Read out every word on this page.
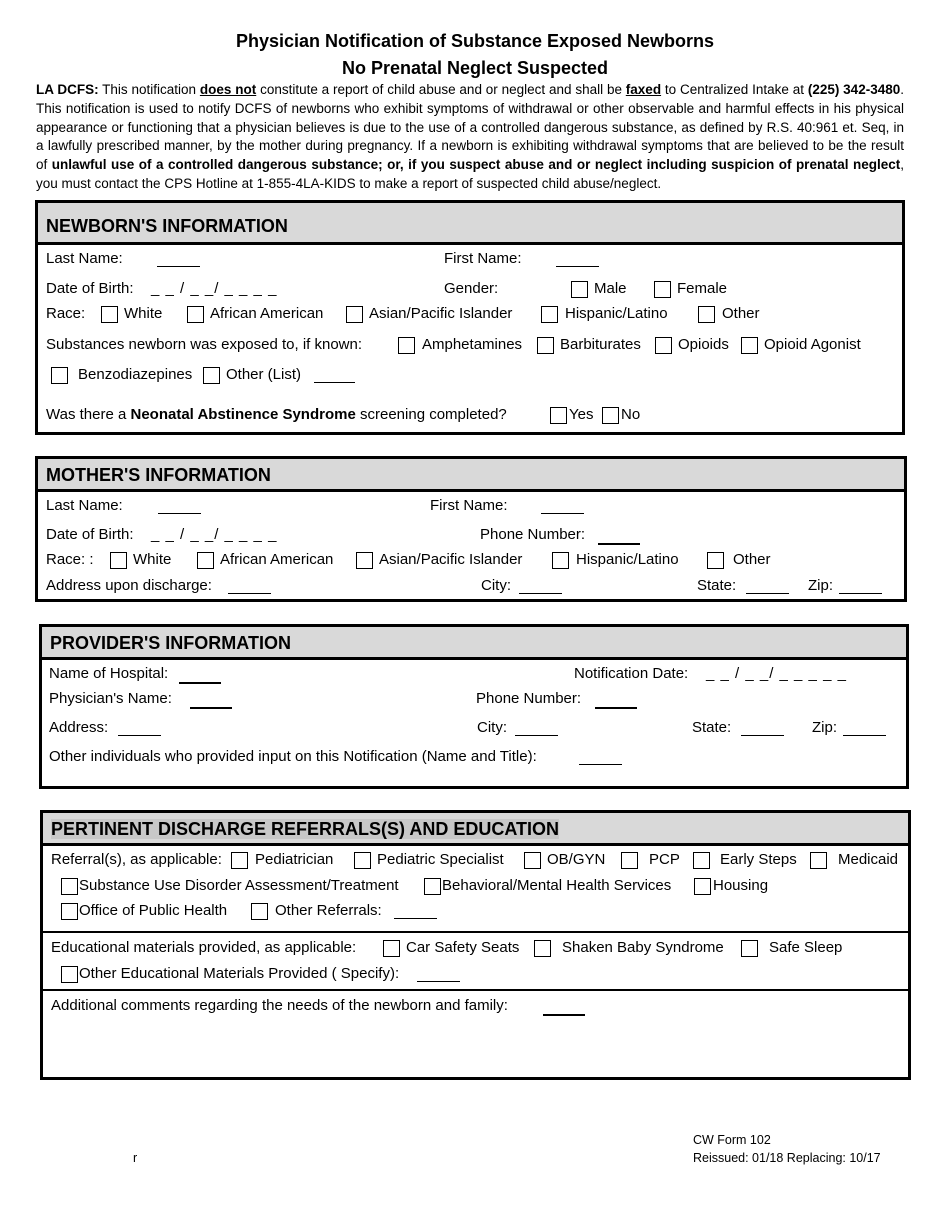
Physician Notification of Substance Exposed Newborns
No Prenatal Neglect Suspected
LA DCFS: This notification does not constitute a report of child abuse and or neglect and shall be faxed to Centralized Intake at (225) 342-3480. This notification is used to notify DCFS of newborns who exhibit symptoms of withdrawal or other observable and harmful effects in his physical appearance or functioning that a physician believes is due to the use of a controlled dangerous substance, as defined by R.S. 40:961 et. Seq, in a lawfully prescribed manner, by the mother during pregnancy. If a newborn is exhibiting withdrawal symptoms that are believed to be the result of unlawful use of a controlled dangerous substance; or, if you suspect abuse and or neglect including suspicion of prenatal neglect, you must contact the CPS Hotline at 1-855-4LA-KIDS to make a report of suspected child abuse/neglect.
NEWBORN'S INFORMATION
Last Name:	First Name:
Date of Birth: _ _ / _ _/ _ _ _ _	Gender:	Male	Female
Race:	White	African American	Asian/Pacific Islander	Hispanic/Latino	Other
Substances newborn was exposed to, if known:	Amphetamines	Barbiturates Opioids Opioid Agonist
Benzodiazepines Other (List)
Was there a Neonatal Abstinence Syndrome screening completed?	Yes No
MOTHER'S INFORMATION
Last Name:	First Name:
Date of Birth: _ _ / _ _/ _ _ _ _	Phone Number:
Race: :	White	African American	Asian/Pacific Islander	Hispanic/Latino	Other
Address upon discharge:	City:	State:	Zip:
PROVIDER'S INFORMATION
Name of Hospital:	Notification Date: _ _ / _ _/ _ _ _ _ _
Physician's Name:	Phone Number:
Address:	City:	State:	Zip:
Other individuals who provided input on this Notification (Name and Title):
PERTINENT DISCHARGE REFERRALS(S) AND EDUCATION
Referral(s), as applicable: Pediatrician	Pediatric Specialist	OB/GYN	PCP	Early Steps	Medicaid
Substance Use Disorder Assessment/Treatment	Behavioral/Mental Health Services	Housing
Office of Public Health	Other Referrals:
Educational materials provided, as applicable:	Car Safety Seats	Shaken Baby Syndrome	Safe Sleep
Other Educational Materials Provided ( Specify):
Additional comments regarding the needs of the newborn and family:
r
CW Form 102
Reissued: 01/18 Replacing: 10/17
